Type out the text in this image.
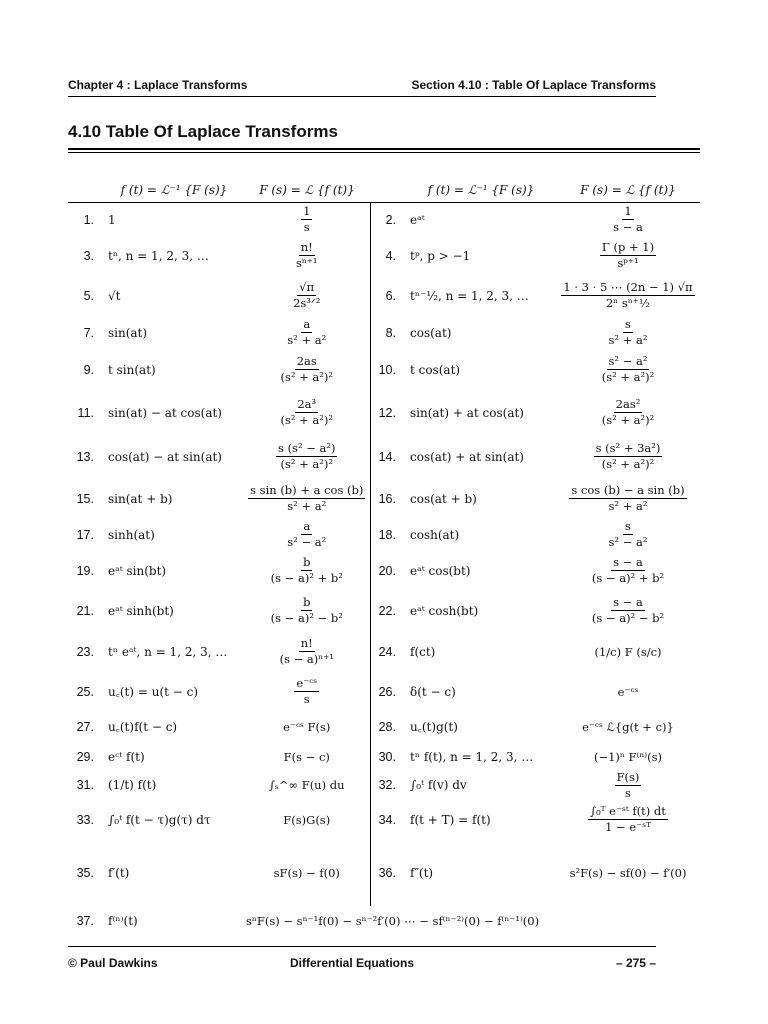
Chapter 4 : Laplace Transforms	Section 4.10 : Table Of Laplace Transforms
4.10 Table Of Laplace Transforms
	f (t) = ℒ⁻¹ {F (s)}	F (s) = ℒ {f (t)}		f (t) = ℒ⁻¹ {F (s)}	F (s) = ℒ {f (t)}
1.	1	$\frac{1}{s}$	2.	eᵃᵗ	$\frac{1}{s - a}$

3.	tⁿ, n = 1, 2, 3, …	$\frac{n!}{\text{sⁿ⁺¹}}$	4.	tᵖ, p > −1	$\frac{\Gamma (p + 1)}{\text{sᵖ⁺¹}}$

5.	√t	$\frac{√\pi}{\text{2s³ᐟ²}}$	6.	tⁿ⁻½, n = 1, 2, 3, …	$\frac{1 \cdot 3 \cdot 5 \cdots (2n - 1) √\pi}{\text{2ⁿ sⁿ⁺½}}$

7.	sin(at)	$\frac{a}{\text{s² + a²}}$	8.	cos(at)	$\frac{s}{\text{s² + a²}}$

9.	t sin(at)	$\frac{2as}{\text{(s² + a²)²}}$	10.	t cos(at)	$\frac{\text{s² − a²}}{\text{(s² + a²)²}}$

11.	sin(at) − at cos(at)	$\frac{\text{2a³}}{\text{(s² + a²)²}}$	12.	sin(at) + at cos(at)	$\frac{\text{2as²}}{\text{(s² + a²)²}}$

13.	cos(at) − at sin(at)	$\frac{\text{s (s² − a²)}}{\text{(s² + a²)²}}$	14.	cos(at) + at sin(at)	$\frac{\text{s (s² + 3a²)}}{\text{(s² + a²)²}}$

15.	sin(at + b)	$\frac{\text{s sin (b) + a cos (b)}}{\text{s² + a²}}$	16.	cos(at + b)	$\frac{\text{s cos (b) − a sin (b)}}{\text{s² + a²}}$

17.	sinh(at)	$\frac{a}{\text{s² − a²}}$	18.	cosh(at)	$\frac{s}{\text{s² − a²}}$

19.	eᵃᵗ sin(bt)	$\frac{b}{\text{(s − a)² + b²}}$	20.	eᵃᵗ cos(bt)	$\frac{s - a}{\text{(s − a)² + b²}}$

21.	eᵃᵗ sinh(bt)	$\frac{b}{\text{(s − a)² − b²}}$	22.	eᵃᵗ cosh(bt)	$\frac{s - a}{\text{(s − a)² − b²}}$

23.	tⁿ eᵃᵗ, n = 1, 2, 3, …	$\frac{n!}{\text{(s − a)ⁿ⁺¹}}$	24.	f(ct)	(1/c) F (s/c)
25.	u꜀(t) = u(t − c)	$\frac{\text{e⁻ᶜˢ}}{s}$	26.	δ(t − c)	e⁻ᶜˢ
27.	u꜀(t)f(t − c)	e⁻ᶜˢ F(s)	28.	u꜀(t)g(t)	e⁻ᶜˢ ℒ{g(t + c)}
29.	eᶜᵗ f(t)	F(s − c)	30.	tⁿ f(t), n = 1, 2, 3, …	(−1)ⁿ F⁽ⁿ⁾(s)
31.	(1/t) f(t)	∫ₛ^∞ F(u) du	32.	∫₀ᵗ f(v) dv	$\frac{F(s)}{s}$

33.	∫₀ᵗ f(t − τ)g(τ) dτ	F(s)G(s)	34.	f(t + T) = f(t)	$\frac{\text{∫₀ᵀ e⁻ˢᵗ f(t) dt}}{\text{1 − e⁻ˢᵀ}}$

35.	f′(t)	sF(s) − f(0)	36.	f″(t)	s²F(s) − sf(0) − f′(0)
37.	f⁽ⁿ⁾(t)	sⁿF(s) − sⁿ⁻¹f(0) − sⁿ⁻²f′(0) ⋯ − sf⁽ⁿ⁻²⁾(0) − f⁽ⁿ⁻¹⁾(0)			
© Paul Dawkins	Differential Equations	– 275 –
